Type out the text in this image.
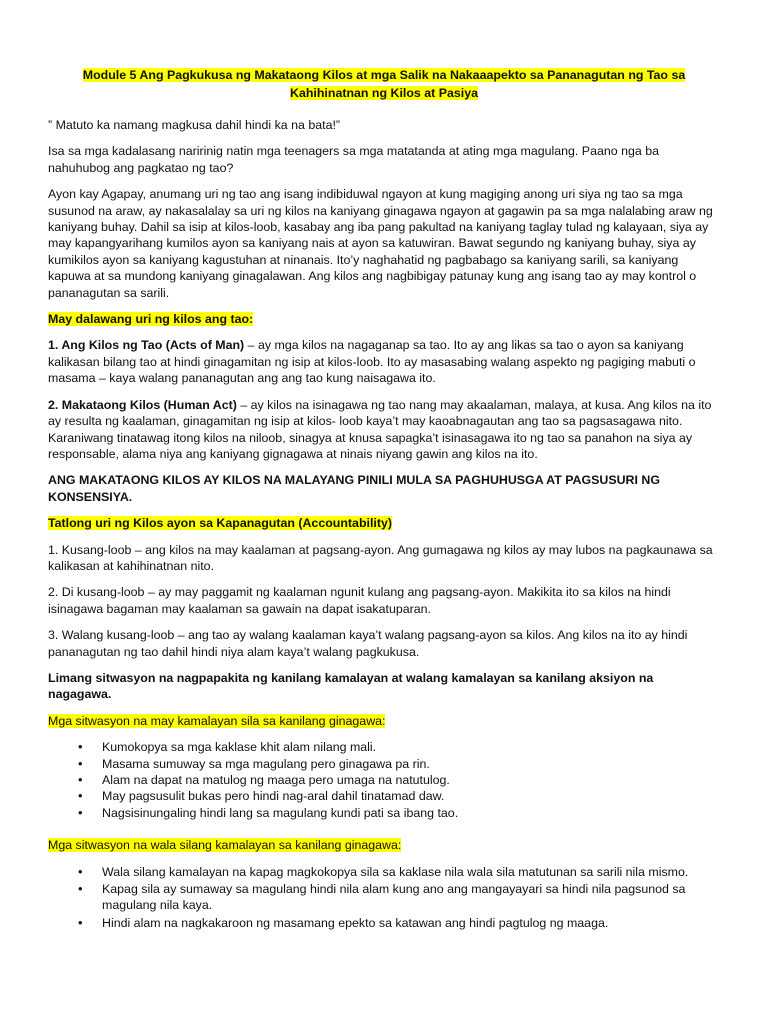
Module 5 Ang Pagkukusa ng Makataong Kilos at mga Salik na Nakaaapekto sa Pananagutan ng Tao sa
Kahihinatnan ng Kilos at Pasiya

” Matuto ka namang magkusa dahil hindi ka na bata!”

Isa sa mga kadalasang naririnig natin mga teenagers sa mga matatanda at ating mga magulang. Paano nga ba nahuhubog ang pagkatao ng tao?

Ayon kay Agapay, anumang uri ng tao ang isang indibiduwal ngayon at kung magiging anong uri siya ng tao sa mga susunod na araw, ay nakasalalay sa uri ng kilos na kaniyang ginagawa ngayon at gagawin pa sa mga nalalabing araw ng kaniyang buhay. Dahil sa isip at kilos-loob, kasabay ang iba pang pakultad na kaniyang taglay tulad ng kalayaan, siya ay may kapangyarihang kumilos ayon sa kaniyang nais at ayon sa katuwiran. Bawat segundo ng kaniyang buhay, siya ay kumikilos ayon sa kaniyang kagustuhan at ninanais. Ito’y naghahatid ng pagbabago sa kaniyang sarili, sa kaniyang kapuwa at sa mundong kaniyang ginagalawan. Ang kilos ang nagbibigay patunay kung ang isang tao ay may kontrol o pananagutan sa sarili.

May dalawang uri ng kilos ang tao:

1. Ang Kilos ng Tao (Acts of Man) – ay mga kilos na nagaganap sa tao. Ito ay ang likas sa tao o ayon sa kaniyang kalikasan bilang tao at hindi ginagamitan ng isip at kilos-loob. Ito ay masasabing walang aspekto ng pagiging mabuti o masama – kaya walang pananagutan ang ang tao kung naisagawa ito.

2. Makataong Kilos (Human Act) – ay kilos na isinagawa ng tao nang may akaalaman, malaya, at kusa. Ang kilos na ito ay resulta ng kaalaman, ginagamitan ng isip at kilos- loob kaya’t may kaoabnagautan ang tao sa pagsasagawa nito. Karaniwang tinatawag itong kilos na niloob, sinagya at knusa sapagka’t isinasagawa ito ng tao sa panahon na siya ay responsable, alama niya ang kaniyang gignagawa at ninais niyang gawin ang kilos na ito.

ANG MAKATAONG KILOS AY KILOS NA MALAYANG PINILI MULA SA PAGHUHUSGA AT PAGSUSURI NG KONSENSIYA.

Tatlong uri ng Kilos ayon sa Kapanagutan (Accountability)

1. Kusang-loob – ang kilos na may kaalaman at pagsang-ayon. Ang gumagawa ng kilos ay may lubos na pagkaunawa sa kalikasan at kahihinatnan nito.

2. Di kusang-loob – ay may paggamit ng kaalaman ngunit kulang ang pagsang-ayon. Makikita ito sa kilos na hindi isinagawa bagaman may kaalaman sa gawain na dapat isakatuparan.

3. Walang kusang-loob – ang tao ay walang kaalaman kaya’t walang pagsang-ayon sa kilos. Ang kilos na ito ay hindi pananagutan ng tao dahil hindi niya alam kaya’t walang pagkukusa.

Limang sitwasyon na nagpapakita ng kanilang kamalayan at walang kamalayan sa kanilang aksiyon na nagagawa.

Mga sitwasyon na may kamalayan sila sa kanilang ginagawa:
• Kumokopya sa mga kaklase khit alam nilang mali.
• Masama sumuway sa mga magulang pero ginagawa pa rin.
• Alam na dapat na matulog ng maaga pero umaga na natutulog.
• May pagsusulit bukas pero hindi nag-aral dahil tinatamad daw.
• Nagsisinungaling hindi lang sa magulang kundi pati sa ibang tao.
Mga sitwasyon na wala silang kamalayan sa kanilang ginagawa:
• Wala silang kamalayan na kapag magkokopya sila sa kaklase nila wala sila matutunan sa sarili nila mismo.
• Kapag sila ay sumaway sa magulang hindi nila alam kung ano ang mangayayari sa hindi nila pagsunod sa magulang nila kaya.
• Hindi alam na nagkakaroon ng masamang epekto sa katawan ang hindi pagtulog ng maaga.
